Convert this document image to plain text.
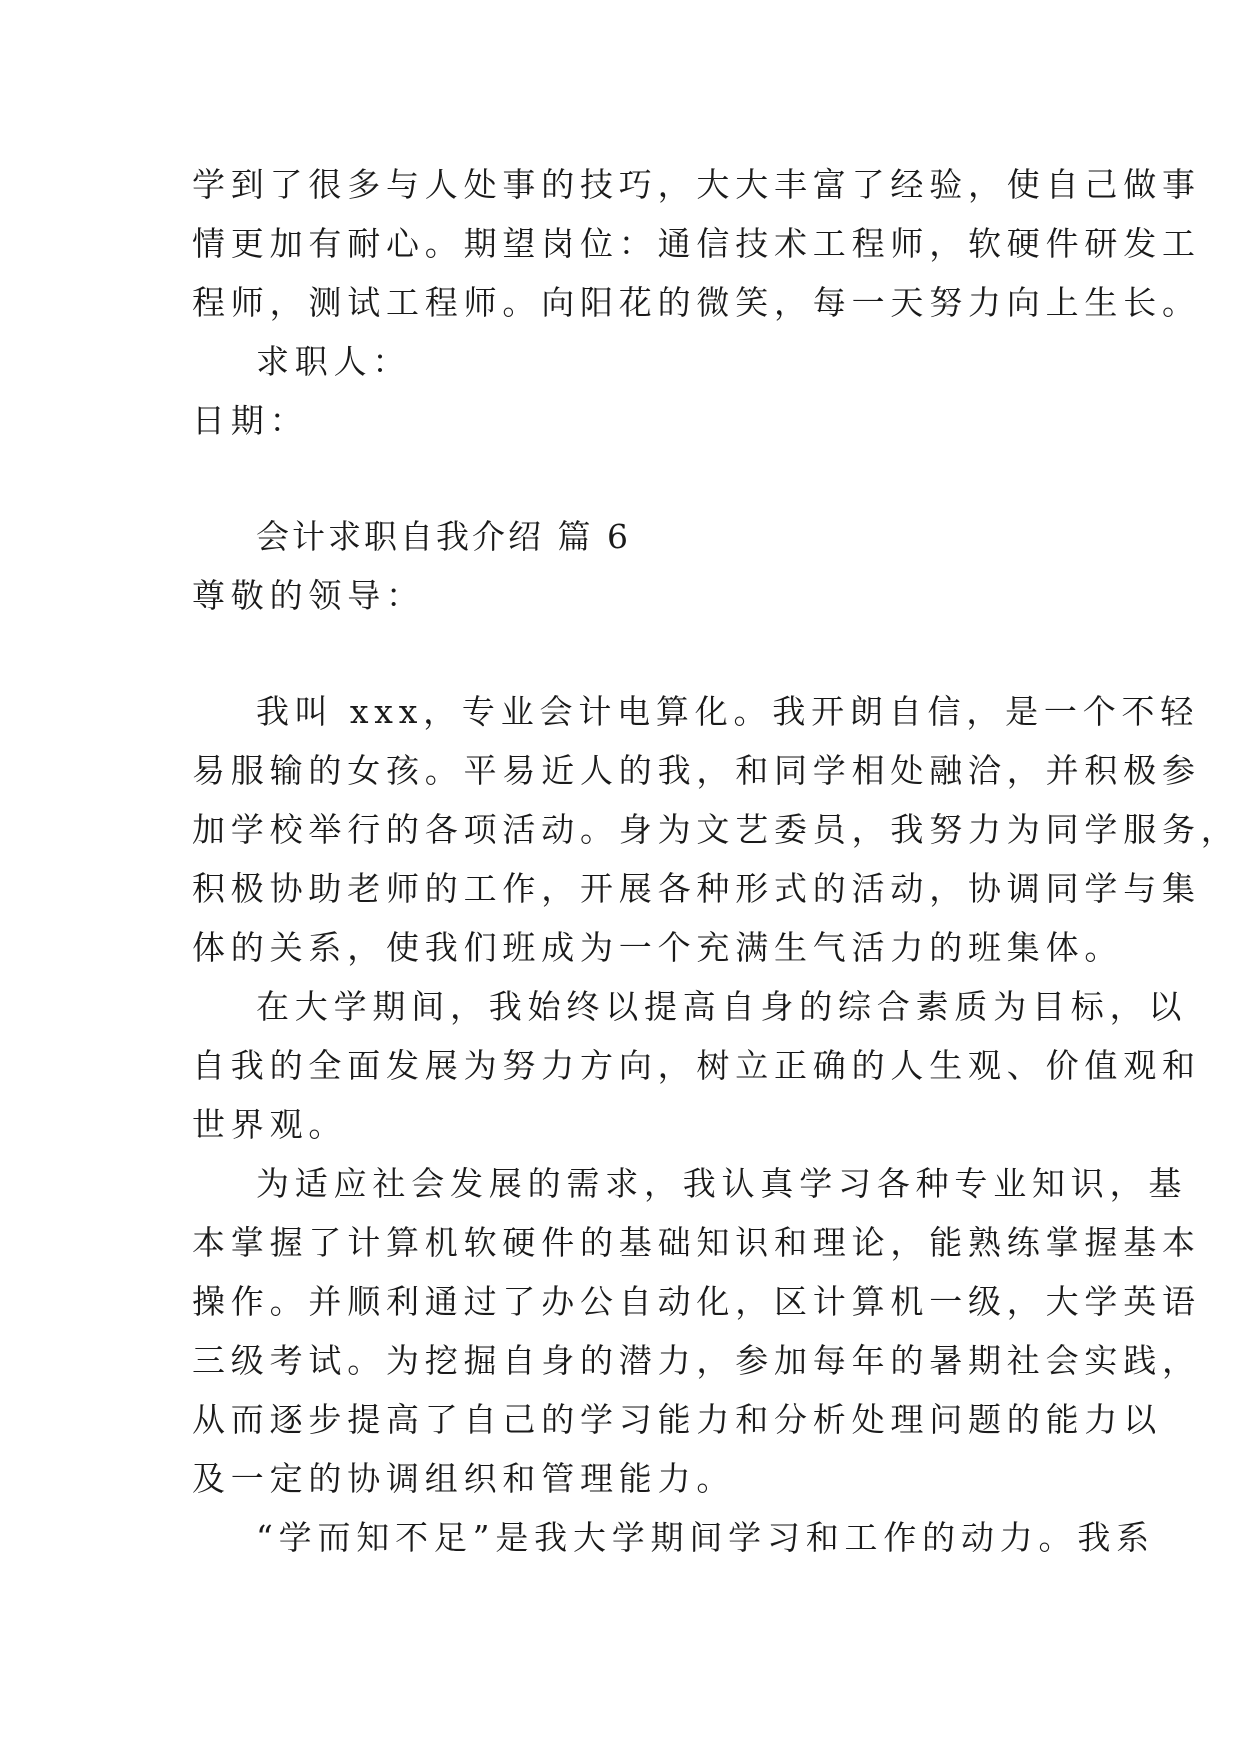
学到了很多与人处事的技巧，大大丰富了经验，使自己做事
情更加有耐心。期望岗位：通信技术工程师，软硬件研发工
程师，测试工程师。向阳花的微笑，每一天努力向上生长。
求职人：
日期：
会计求职自我介绍 篇 6
尊敬的领导：
我叫 xxx，专业会计电算化。我开朗自信，是一个不轻
易服输的女孩。平易近人的我，和同学相处融洽，并积极参
加学校举行的各项活动。身为文艺委员，我努力为同学服务，
积极协助老师的工作，开展各种形式的活动，协调同学与集
体的关系，使我们班成为一个充满生气活力的班集体。
在大学期间，我始终以提高自身的综合素质为目标，以
自我的全面发展为努力方向，树立正确的人生观、价值观和
世界观。
为适应社会发展的需求，我认真学习各种专业知识，基
本掌握了计算机软硬件的基础知识和理论，能熟练掌握基本
操作。并顺利通过了办公自动化，区计算机一级，大学英语
三级考试。为挖掘自身的潜力，参加每年的暑期社会实践，
从而逐步提高了自己的学习能力和分析处理问题的能力以
及一定的协调组织和管理能力。
“学而知不足”是我大学期间学习和工作的动力。我系
